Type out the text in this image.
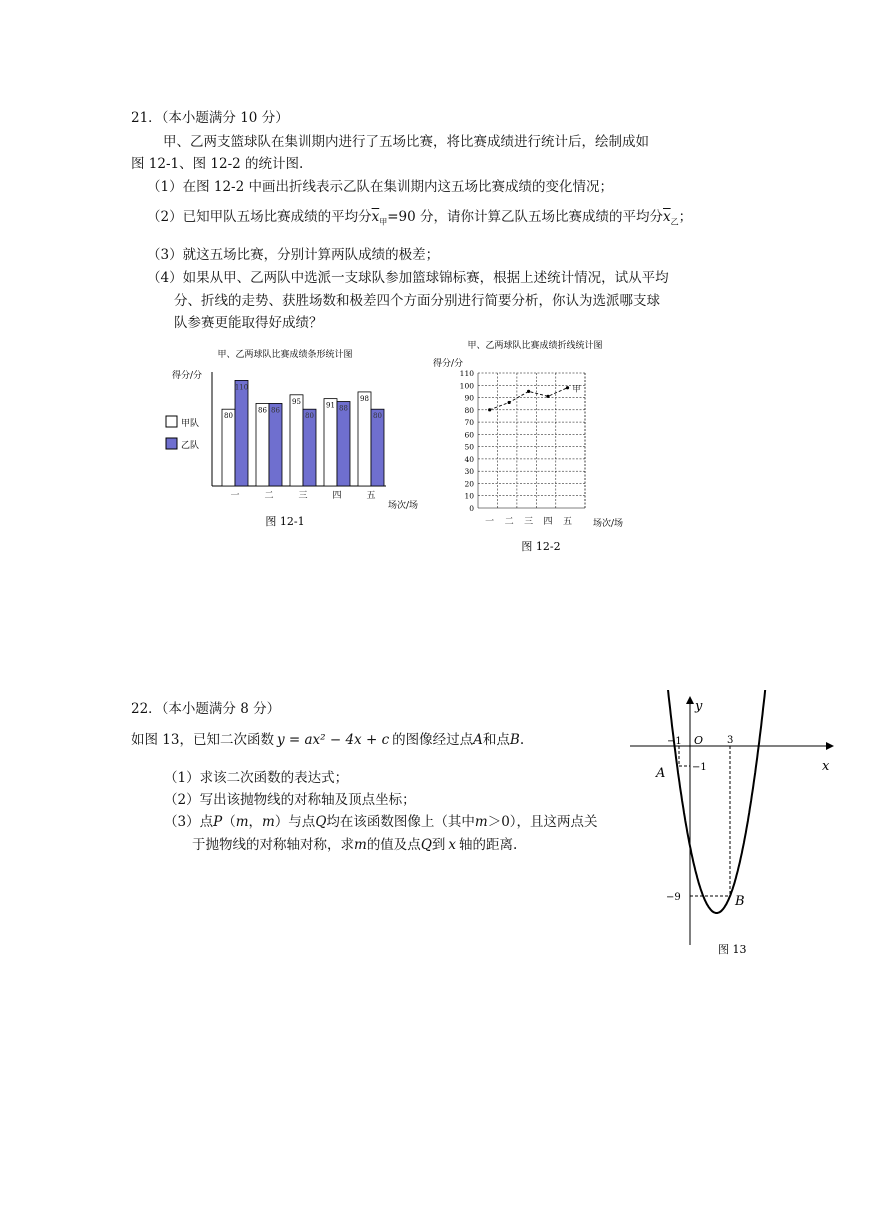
21．（本小题满分 10 分）
甲、乙两支篮球队在集训期内进行了五场比赛，将比赛成绩进行统计后，绘制成如
图 12-1、图 12-2 的统计图.
（1）在图 12-2 中画出折线表示乙队在集训期内这五场比赛成绩的变化情况；
（2）已知甲队五场比赛成绩的平均分$\overline{x}_甲=90$ 分，请你计算乙队五场比赛成绩的平均分$\overline{x}_乙$；
（3）就这五场比赛，分别计算两队成绩的极差；
（4）如果从甲、乙两队中选派一支球队参加篮球锦标赛，根据上述统计情况，试从平均
分、折线的走势、获胜场数和极差四个方面分别进行简要分析，你认为选派哪支球
队参赛更能取得好成绩？
甲、乙两球队比赛成绩条形统计图
得分/分
场次/场
甲队
乙队
80
110
一
86 86
二
95
80
三
91 88
四
98
80
五
图 12-1
甲、乙两球队比赛成绩折线统计图
得分/分
场次/场
0
10
20
30
40
50
60
70
80
90
100
110
一 二 三 四 五
甲
图 12-2
22．（本小题满分 8 分）
如图 13，已知二次函数 y = ax² − 4x + c 的图像经过点A和点B.
（1）求该二次函数的表达式；
（2）写出该抛物线的对称轴及顶点坐标；
（3）点P（m，m）与点Q均在该函数图像上（其中m＞0），且这两点关
于抛物线的对称轴对称，求m的值及点Q到 x 轴的距离.
y
x
O
−1	3
−1
−9
A
B
图 13
